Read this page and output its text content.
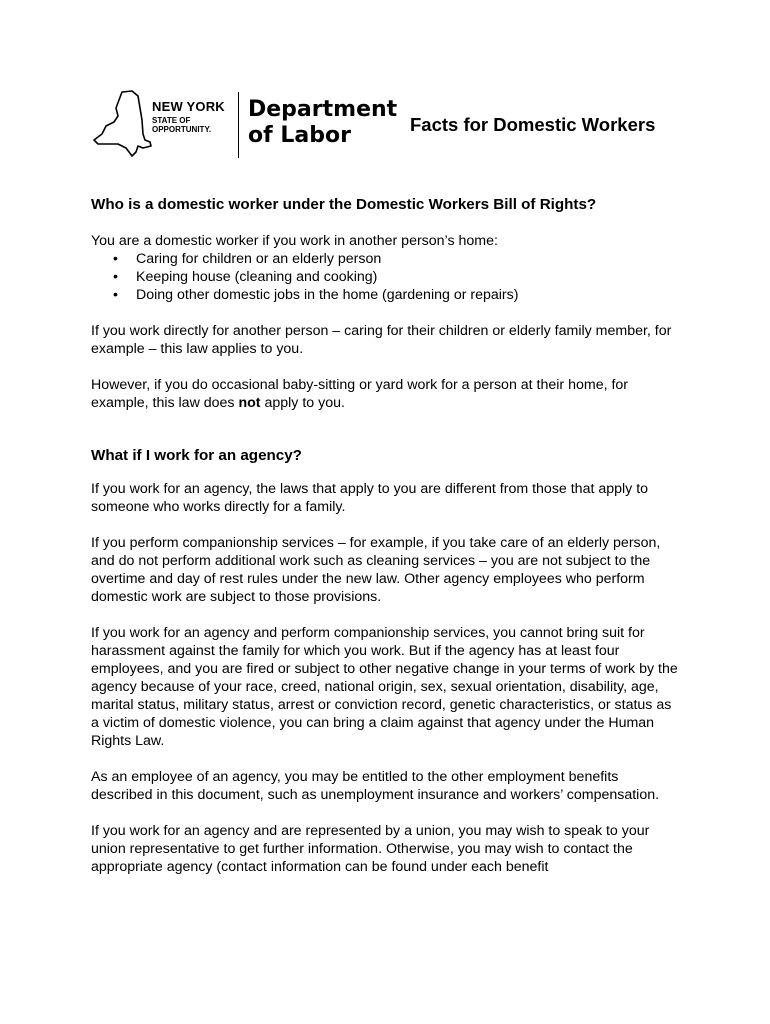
NEW YORK
STATE OF
OPPORTUNITY.
Department
of Labor	Facts for Domestic Workers
Who is a domestic worker under the Domestic Workers Bill of Rights?

You are a domestic worker if you work in another person’s home:

• Caring for children or an elderly person
• Keeping house (cleaning and cooking)
• Doing other domestic jobs in the home (gardening or repairs)

If you work directly for another person – caring for their children or elderly family member, for example – this law applies to you.

However, if you do occasional baby-sitting or yard work for a person at their home, for example, this law does not apply to you.

What if I work for an agency?

If you work for an agency, the laws that apply to you are different from those that apply to someone who works directly for a family.

If you perform companionship services – for example, if you take care of an elderly person, and do not perform additional work such as cleaning services – you are not subject to the overtime and day of rest rules under the new law. Other agency employees who perform domestic work are subject to those provisions.

If you work for an agency and perform companionship services, you cannot bring suit for harassment against the family for which you work. But if the agency has at least four employees, and you are fired or subject to other negative change in your terms of work by the agency because of your race, creed, national origin, sex, sexual orientation, disability, age, marital status, military status, arrest or conviction record, genetic characteristics, or status as a victim of domestic violence, you can bring a claim against that agency under the Human Rights Law.

As an employee of an agency, you may be entitled to the other employment benefits described in this document, such as unemployment insurance and workers’ compensation.

If you work for an agency and are represented by a union, you may wish to speak to your union representative to get further information. Otherwise, you may wish to contact the appropriate agency (contact information can be found under each benefit
